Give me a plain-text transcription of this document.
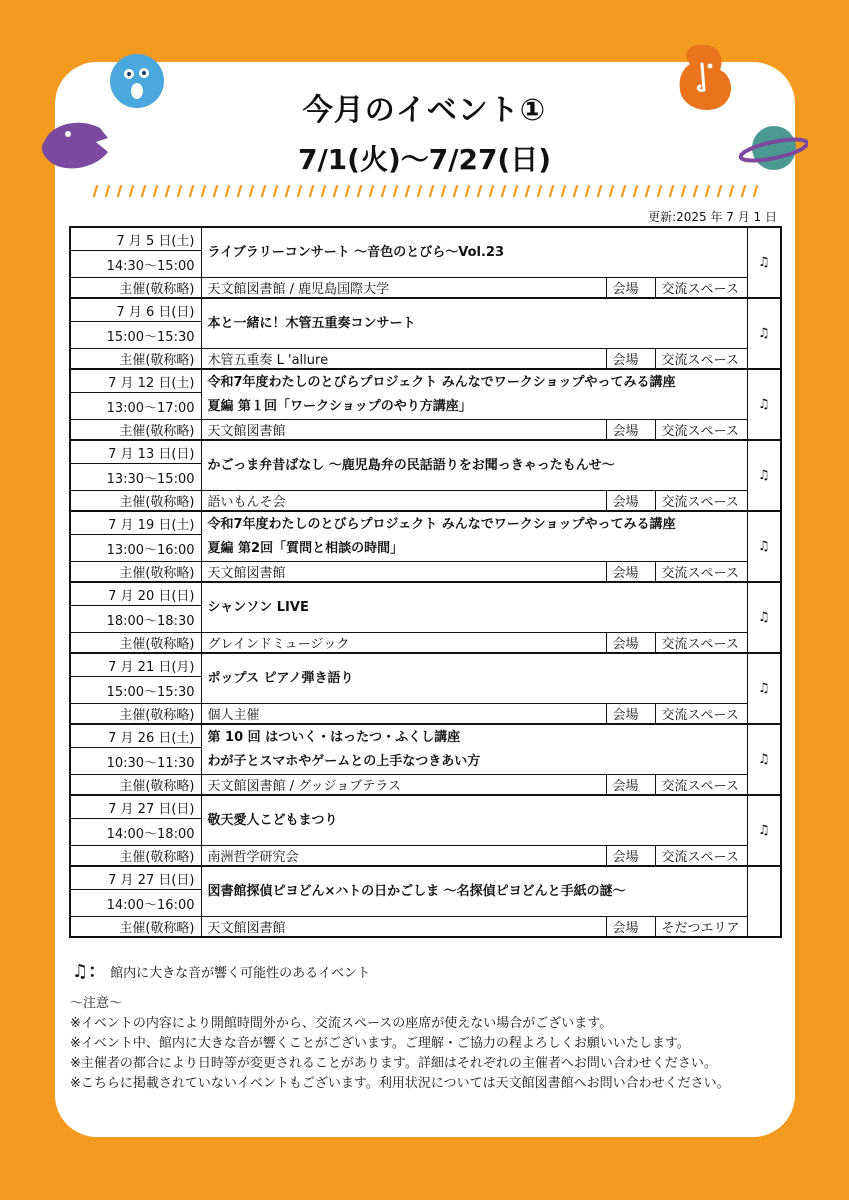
今月のイベント①
7/1(火)～7/27(日)
更新:2025 年 7 月 1 日
7 月 5 日(土)	ライブラリーコンサート ～音色のとびら～Vol.23			♫
14:30～15:00				
主催(敬称略)	天文館図書館 / 鹿児島国際大学	会場	交流スペース	
7 月 6 日(日)	本と一緒に！木管五重奏コンサート			♫
15:00～15:30				
主催(敬称略)	木管五重奏 L 'allure	会場	交流スペース	
7 月 12 日(土)	令和7年度わたしのとびらプロジェクト みんなでワークショップやってみる講座
夏編 第１回「ワークショップのやり方講座」			♫
13:00～17:00				
主催(敬称略)	天文館図書館	会場	交流スペース	
7 月 13 日(日)	かごっま弁昔ばなし ～鹿児島弁の民話語りをお聞っきゃったもんせ～			♫
13:30～15:00				
主催(敬称略)	語いもんそ会	会場	交流スペース	
7 月 19 日(土)	令和7年度わたしのとびらプロジェクト みんなでワークショップやってみる講座
夏編 第2回「質問と相談の時間」			♫
13:00～16:00				
主催(敬称略)	天文館図書館	会場	交流スペース	
7 月 20 日(日)	シャンソン LIVE			♫
18:00～18:30				
主催(敬称略)	グレインドミュージック	会場	交流スペース	
7 月 21 日(月)	ポップス ピアノ弾き語り			♫
15:00～15:30				
主催(敬称略)	個人主催	会場	交流スペース	
7 月 26 日(土)	第 10 回 はついく・はったつ・ふくし講座
わが子とスマホやゲームとの上手なつきあい方			♫
10:30～11:30				
主催(敬称略)	天文館図書館 / グッジョブテラス	会場	交流スペース	
7 月 27 日(日)	敬天愛人こどもまつり			♫
14:00～18:00				
主催(敬称略)	南洲哲学研究会	会場	交流スペース	
7 月 27 日(日)	図書館探偵ピヨどん×ハトの日かごしま ～名探偵ピヨどんと手紙の謎～			

14:00～16:00				
主催(敬称略)	天文館図書館	会場	そだつエリア	
♫： 館内に大きな音が響く可能性のあるイベント
～注意～
※イベントの内容により開館時間外から、交流スペースの座席が使えない場合がございます。
※イベント中、館内に大きな音が響くことがございます。ご理解・ご協力の程よろしくお願いいたします。
※主催者の都合により日時等が変更されることがあります。詳細はそれぞれの主催者へお問い合わせください。
※こちらに掲載されていないイベントもございます。利用状況については天文館図書館へお問い合わせください。
